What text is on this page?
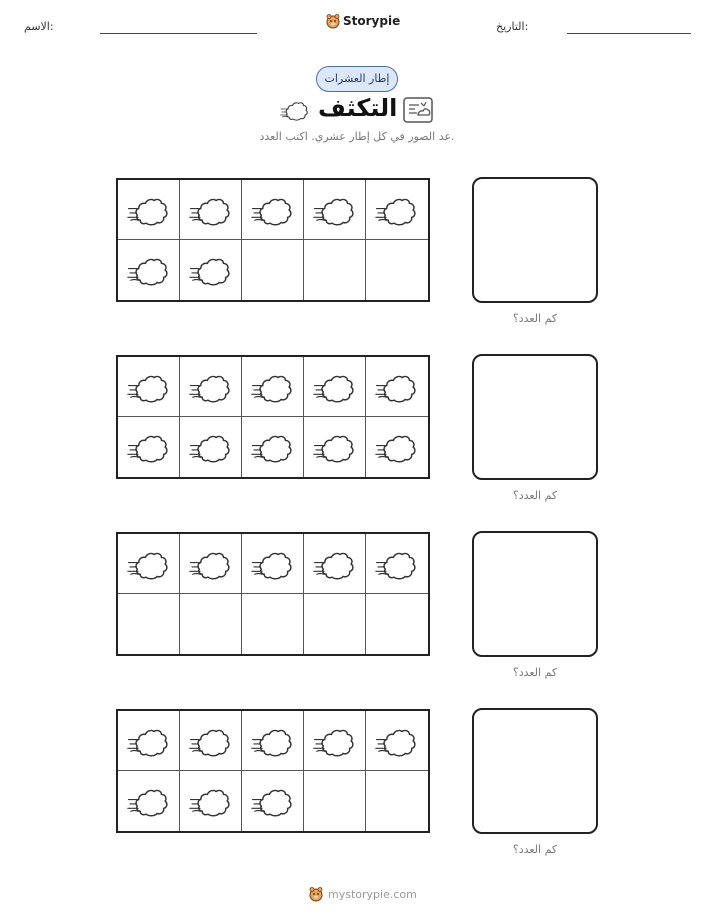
الاسم:	Storypie	التاريخ:
إطار العشرات
التكثف
عد الصور في كل إطار عشري. اكتب العدد.
كم العدد؟
كم العدد؟
كم العدد؟
كم العدد؟
mystorypie.com
